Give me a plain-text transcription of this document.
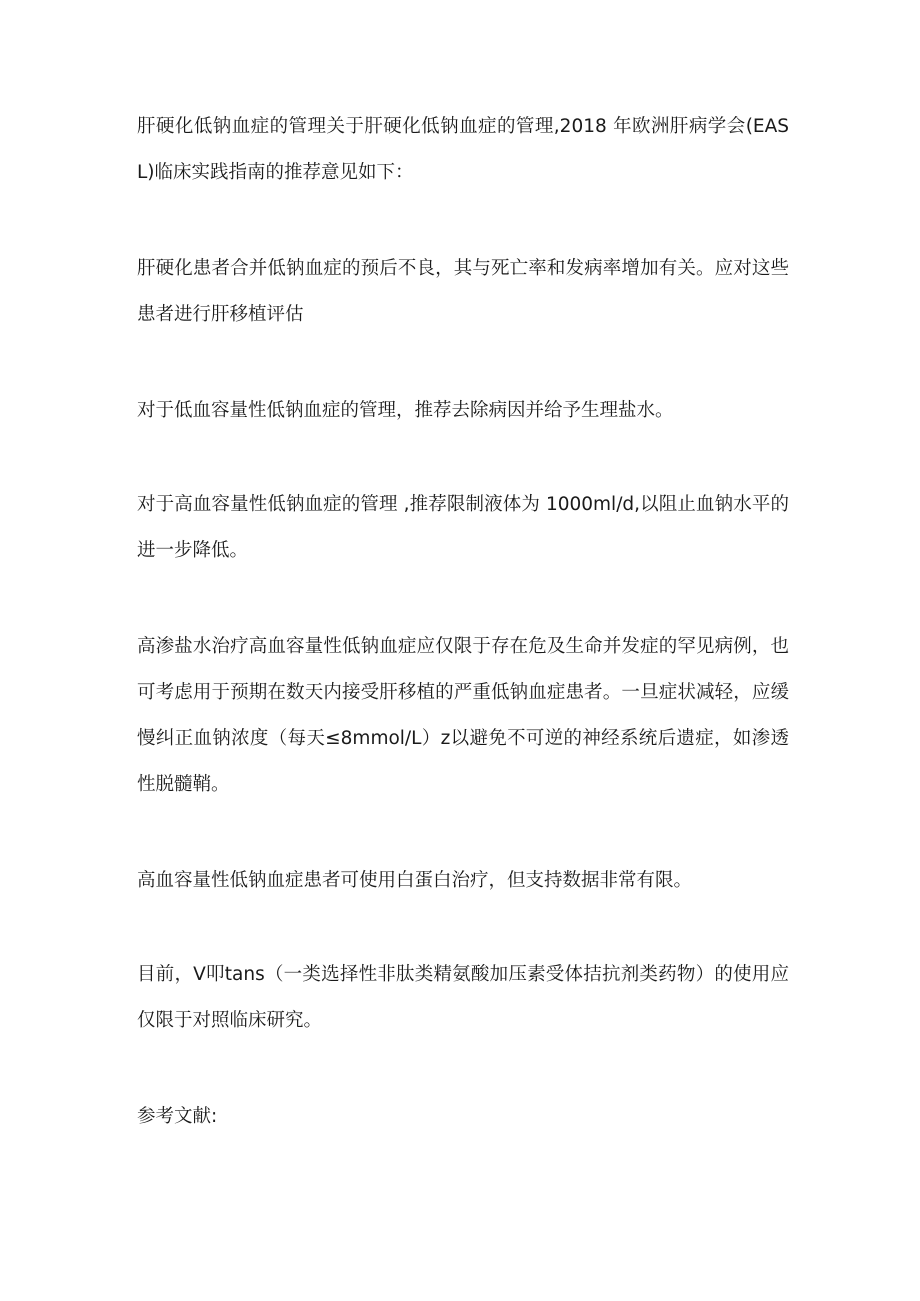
肝硬化低钠血症的管理关于肝硬化低钠血症的管理,2018 年欧洲肝病学会(EASL)临床实践指南的推荐意见如下：

肝硬化患者合并低钠血症的预后不良，其与死亡率和发病率增加有关。应对这些患者进行肝移植评估

对于低血容量性低钠血症的管理，推荐去除病因并给予生理盐水。

对于高血容量性低钠血症的管理 ,推荐限制液体为 1000ml/d,以阻止血钠水平的进一步降低。

高渗盐水治疗高血容量性低钠血症应仅限于存在危及生命并发症的罕见病例，也可考虑用于预期在数天内接受肝移植的严重低钠血症患者。一旦症状减轻，应缓慢纠正血钠浓度（每天≤8mmol∕L）z以避免不可逆的神经系统后遗症，如渗透性脱髓鞘。

高血容量性低钠血症患者可使用白蛋白治疗，但支持数据非常有限。

目前，V叩tans（一类选择性非肽类精氨酸加压素受体拮抗剂类药物）的使用应仅限于对照临床研究。

参考文献:
